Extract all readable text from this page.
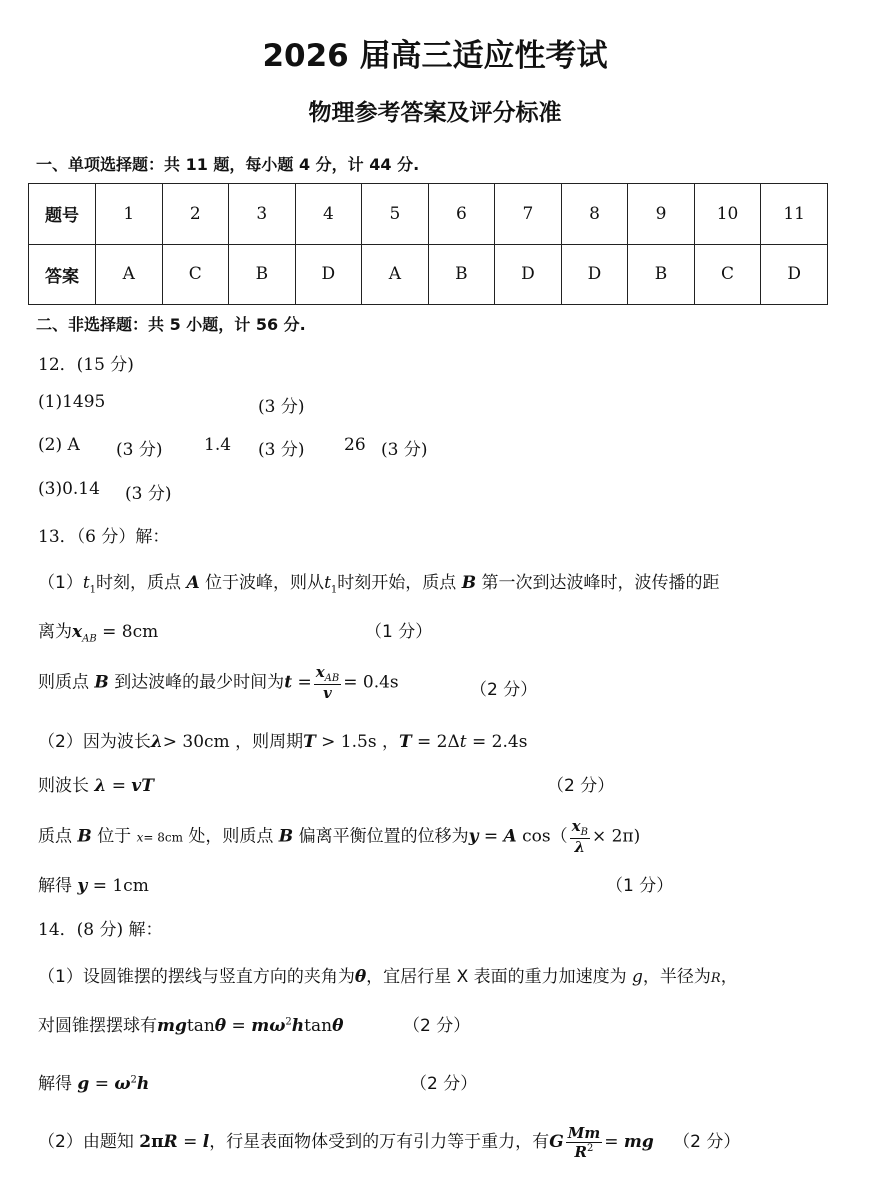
2026 届高三适应性考试
物理参考答案及评分标准
一、单项选择题：共 11 题，每小题 4 分，计 44 分.
题号	1	2	3	4	5	6	7	8	9	10	11
答案	A	C	B	D	A	B	D	D	B	C	D
二、非选择题：共 5 小题，计 56 分.
12．(15 分)
(1)1495	(3 分)
(2) A (3 分) 1.4 (3 分) 26 (3 分)
(3)0.14 (3 分)
13．（6 分）解：
$(1)t_1$时刻，质点 A 位于波峰，则从$t_1$时刻开始，质点 B 第一次到达波峰时，波传播的距
离为$x_{AB} = 8cm$	（1 分）
则质点 B 到达波峰的最少时间为$t = \frac{x_{AB}}{v} = 0.4s$	（2 分）
（2）因为波长λ> 30cm ，则周期T > 1.5s ，T = 2Δt = 2.4s
则波长 λ = vT	（2 分）
质点 B 位于 x= 8cm 处，则质点 B 偏离平衡位置的位移为y = A $\cos( \frac{x_B}{\lambda} \times 2\pi)$
解得 y = 1cm	（1 分）
14．(8 分) 解：
（1）设圆锥摆的摆线与竖直方向的夹角为θ，宜居行星 X 表面的重力加速度为 g，半径为R，
对圆锥摆摆球有$mgtan\theta = m\omega^2htan\theta$	（2 分）
解得 $g = \omega^2h$	（2 分）
（2）由题知 2πR = l，行星表面物体受到的万有引力等于重力，有G $\frac{Mm}{R^2}$ = mg （2 分）
